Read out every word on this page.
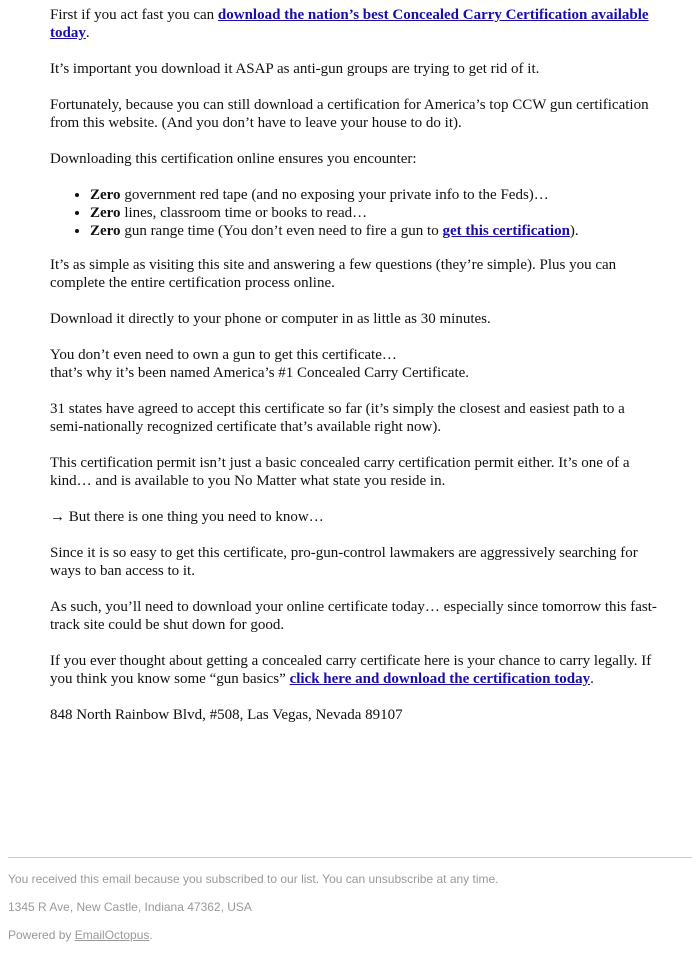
First if you act fast you can download the nation’s best Concealed Carry Certification available today.

It’s important you download it ASAP as anti-gun groups are trying to get rid of it.

Fortunately, because you can still download a certification for America’s top CCW gun certification from this website. (And you don’t have to leave your house to do it).

Downloading this certification online ensures you encounter:

• Zero government red tape (and no exposing your private info to the Feds)…
• Zero lines, classroom time or books to read…
• Zero gun range time (You don’t even need to fire a gun to get this certification).

It’s as simple as visiting this site and answering a few questions (they’re simple). Plus you can complete the entire certification process online.

Download it directly to your phone or computer in as little as 30 minutes.

You don’t even need to own a gun to get this certificate…
that’s why it’s been named America’s #1 Concealed Carry Certificate.

31 states have agreed to accept this certificate so far (it’s simply the closest and easiest path to a semi-nationally recognized certificate that’s available right now).

This certification permit isn’t just a basic concealed carry certification permit either. It’s one of a kind… and is available to you No Matter what state you reside in.

→ But there is one thing you need to know…

Since it is so easy to get this certificate, pro-gun-control lawmakers are aggressively searching for ways to ban access to it.

As such, you’ll need to download your online certificate today… especially since tomorrow this fast-track site could be shut down for good.

If you ever thought about getting a concealed carry certificate here is your chance to carry legally. If you think you know some “gun basics” click here and download the certification today.

848 North Rainbow Blvd, #508, Las Vegas, Nevada 89107

You received this email because you subscribed to our list. You can unsubscribe at any time.

1345 R Ave, New Castle, Indiana 47362, USA

Powered by EmailOctopus.
